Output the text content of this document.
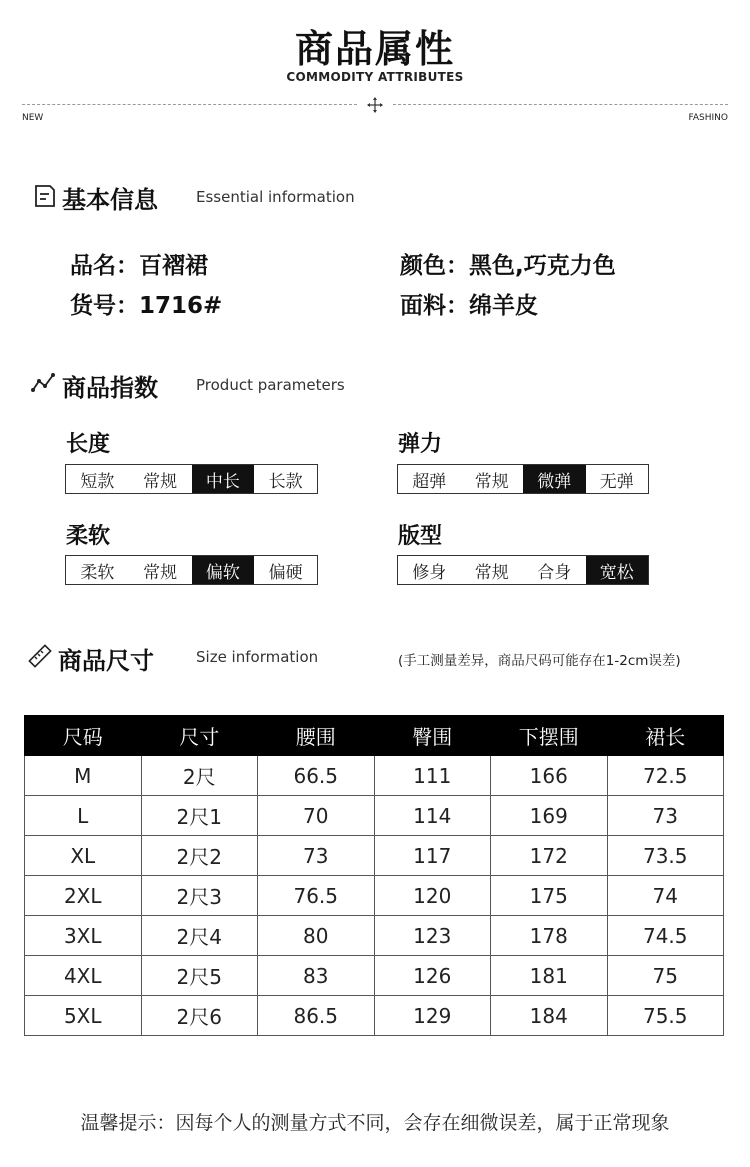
商品属性
COMMODITY ATTRIBUTES
NEW	FASHINO
基本信息	Essential information
品名：百褶裙	颜色：黑色,巧克力色
货号：1716#	面料：绵羊皮
商品指数	Product parameters
长度
短款	常规	中长	长款
弹力
超弹	常规	微弹	无弹
柔软
柔软	常规	偏软	偏硬
版型
修身	常规	合身	宽松
商品尺寸	Size information	(手工测量差异，商品尺码可能存在1-2cm误差)
尺码	尺寸	腰围	臀围	下摆围	裙长
M	2尺	66.5	111	166	72.5
L	2尺1	70	114	169	73
XL	2尺2	73	117	172	73.5
2XL	2尺3	76.5	120	175	74
3XL	2尺4	80	123	178	74.5
4XL	2尺5	83	126	181	75
5XL	2尺6	86.5	129	184	75.5
温馨提示：因每个人的测量方式不同，会存在细微误差，属于正常现象
